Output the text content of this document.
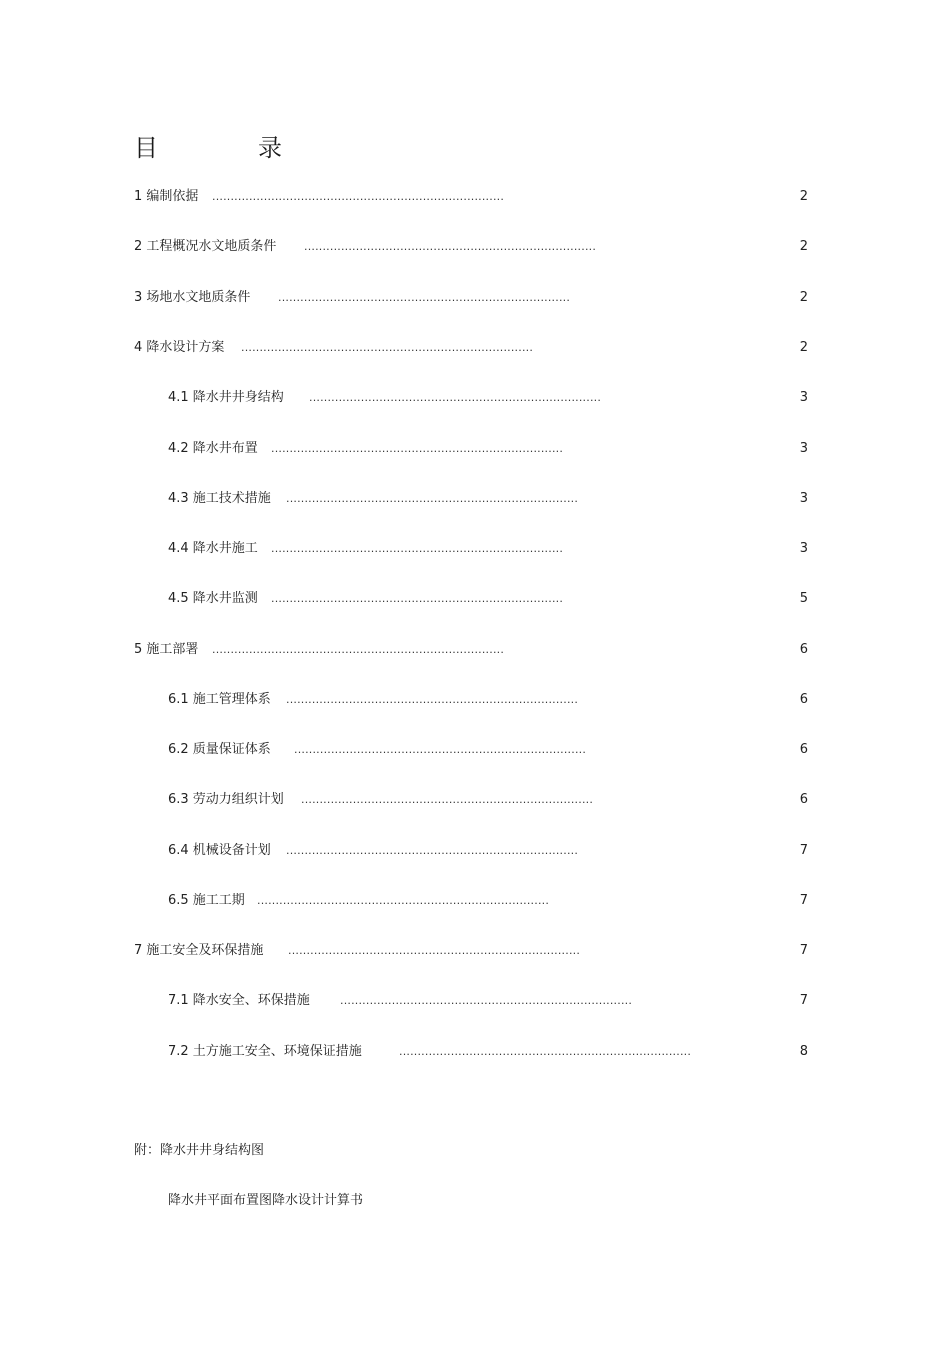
目	录
1 编制依据 ...............................................................................	2
2 工程概况水文地质条件	...............................................................................	2
3 场地水文地质条件	...............................................................................	2
4 降水设计方案 ...............................................................................	2
4.1 降水井井身结构 ...............................................................................	3
4.2 降水井布置 ...............................................................................	3
4.3 施工技术措施 ...............................................................................	3
4.4 降水井施工 ...............................................................................	3
4.5 降水井监测 ...............................................................................	5
5 施工部署 ...............................................................................	6
6.1 施工管理体系 ...............................................................................	6
6.2 质量保证体系 ...............................................................................	6
6.3 劳动力组织计划 ...............................................................................	6
6.4 机械设备计划 ...............................................................................	7
6.5 施工工期 ...............................................................................	7
7 施工安全及环保措施 ...............................................................................	7
7.1 降水安全、环保措施	...............................................................................	7
7.2 土方施工安全、环境保证措施	...............................................................................	8
附：降水井井身结构图
降水井平面布置图降水设计计算书
